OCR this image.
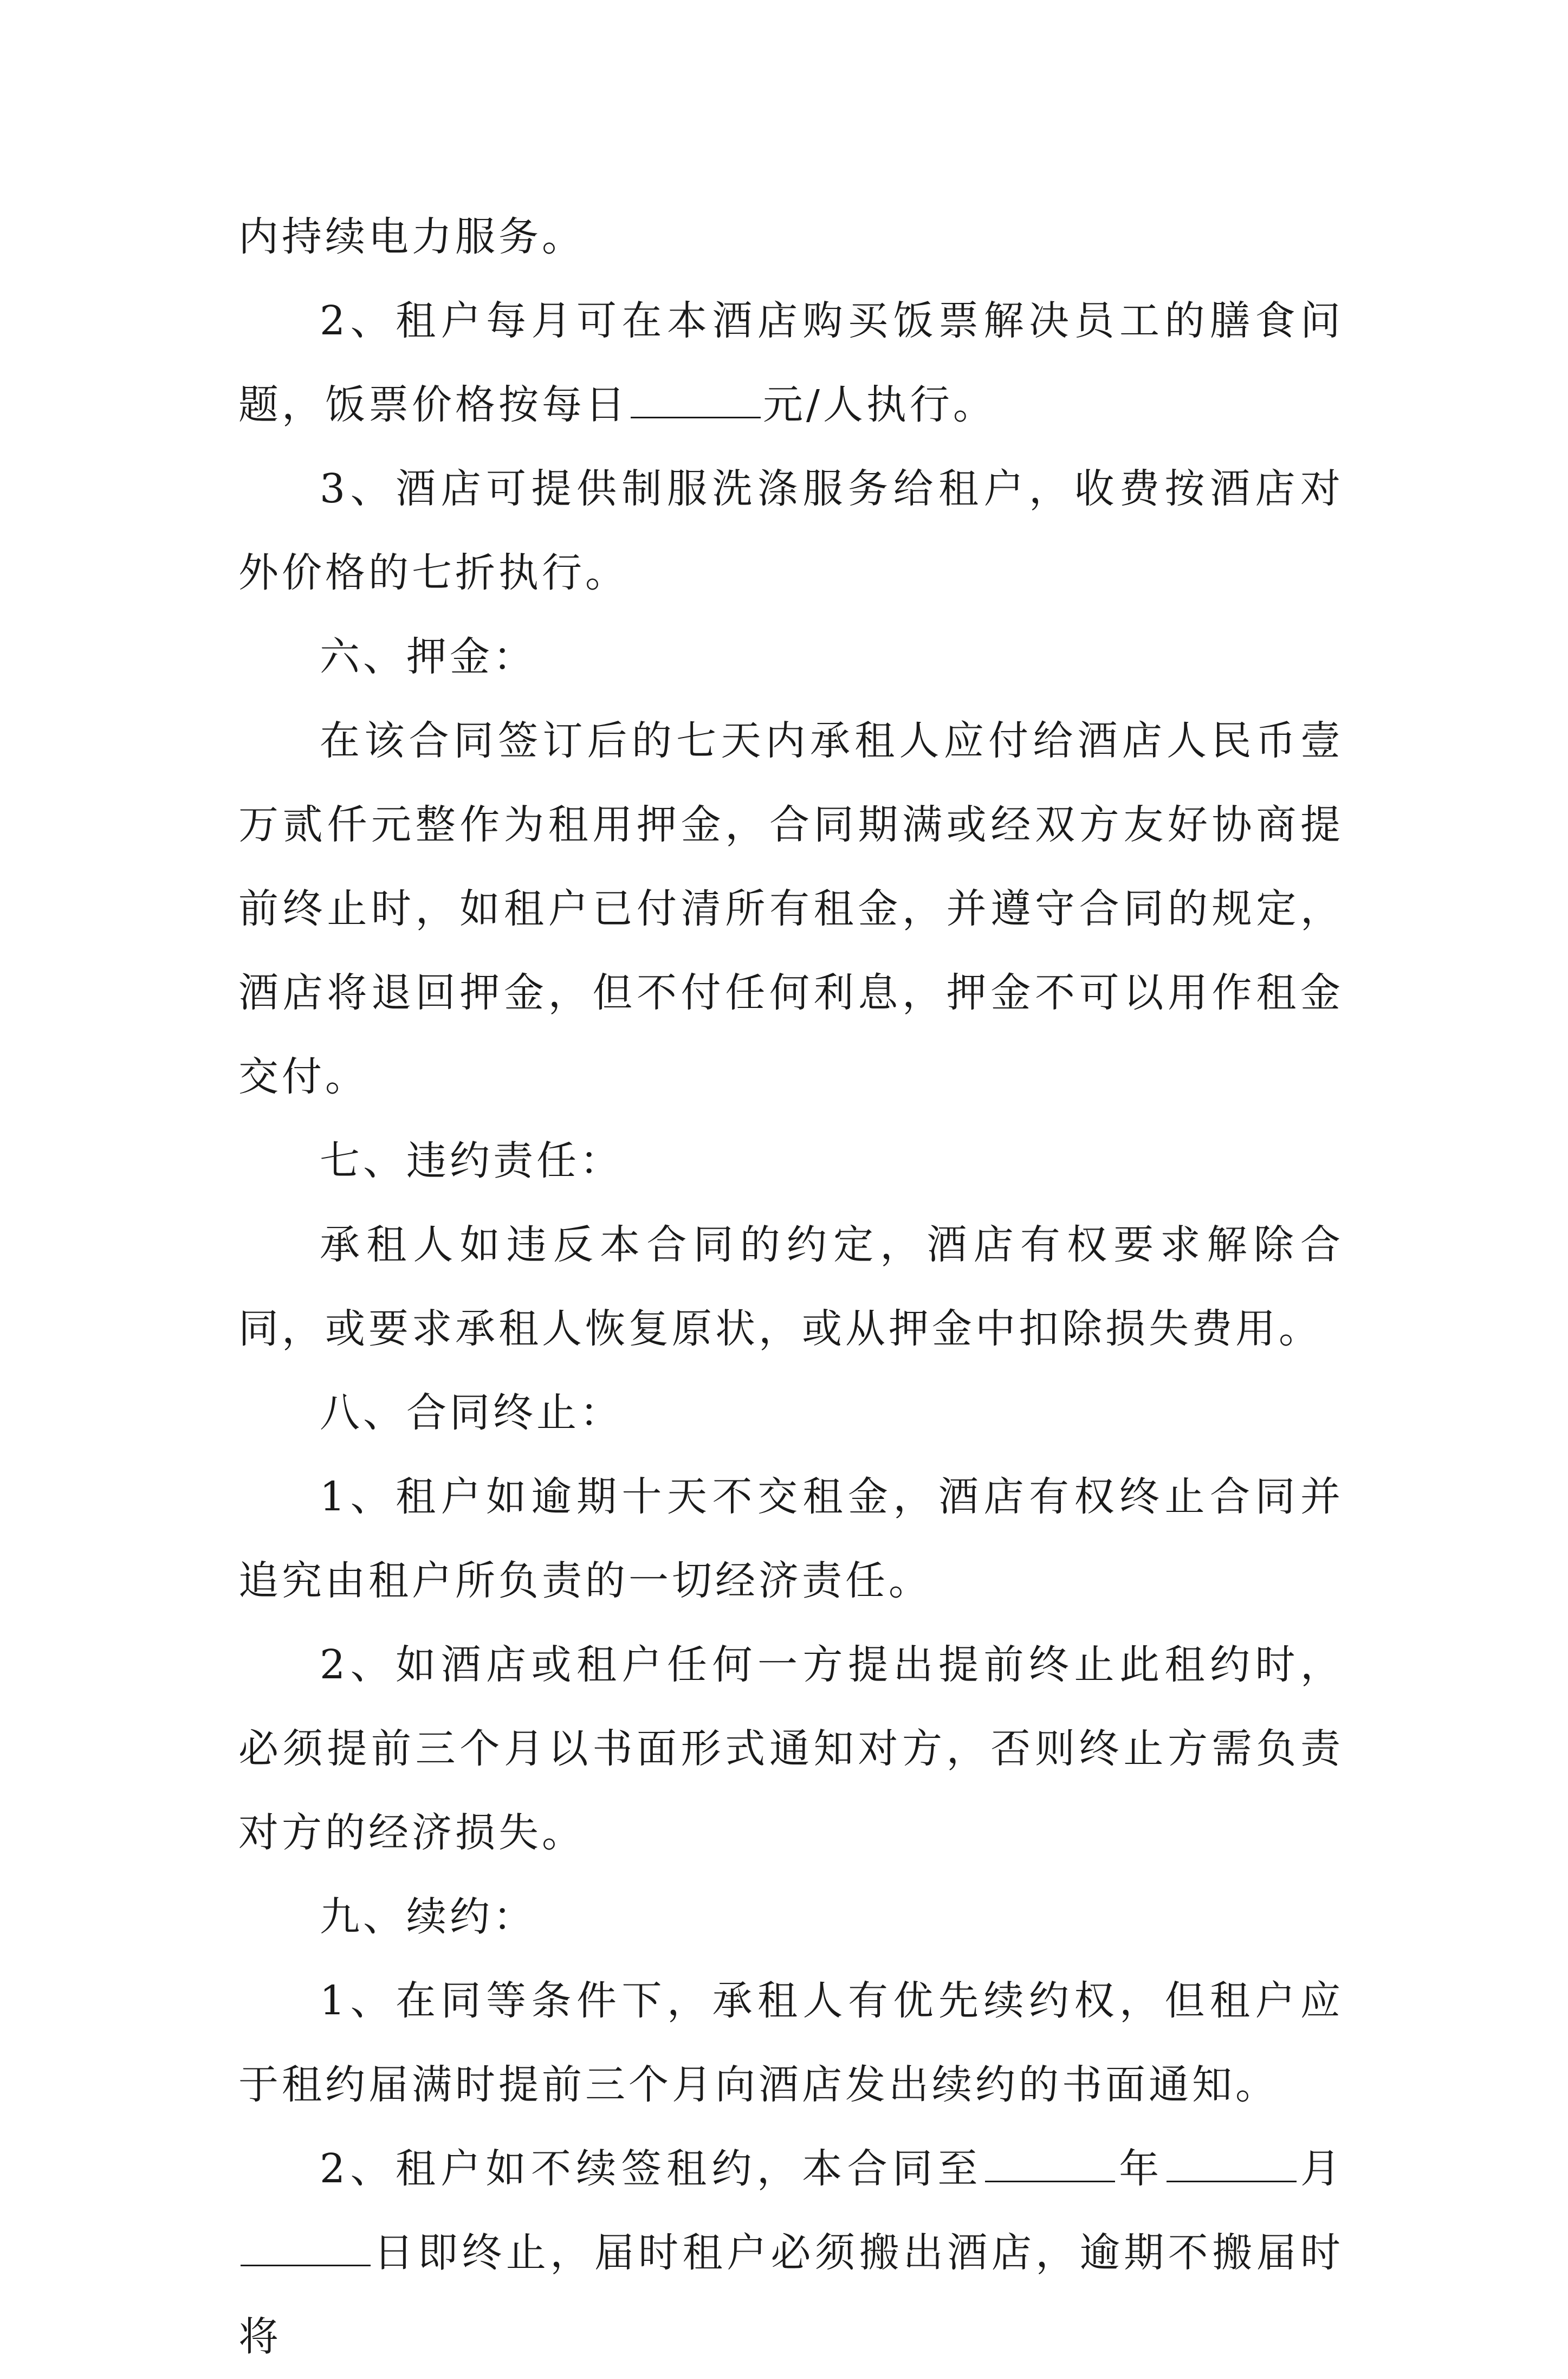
内持续电力服务。

2、租户每月可在本酒店购买饭票解决员工的膳食问题，饭票价格按每日	元/人执行。

3、酒店可提供制服洗涤服务给租户，收费按酒店对外价格的七折执行。

六、押金：

在该合同签订后的七天内承租人应付给酒店人民币壹万贰仟元整作为租用押金，合同期满或经双方友好协商提前终止时，如租户已付清所有租金，并遵守合同的规定，酒店将退回押金，但不付任何利息，押金不可以用作租金交付。

七、违约责任：

承租人如违反本合同的约定，酒店有权要求解除合同，或要求承租人恢复原状，或从押金中扣除损失费用。

八、合同终止：

1、租户如逾期十天不交租金，酒店有权终止合同并追究由租户所负责的一切经济责任。

2、如酒店或租户任何一方提出提前终止此租约时，必须提前三个月以书面形式通知对方，否则终止方需负责对方的经济损失。

九、续约：

1、在同等条件下，承租人有优先续约权，但租户应于租约届满时提前三个月向酒店发出续约的书面通知。

2、租户如不续签租约，本合同至	年	月日即终止，届时租户必须搬出酒店，逾期不搬届时将
